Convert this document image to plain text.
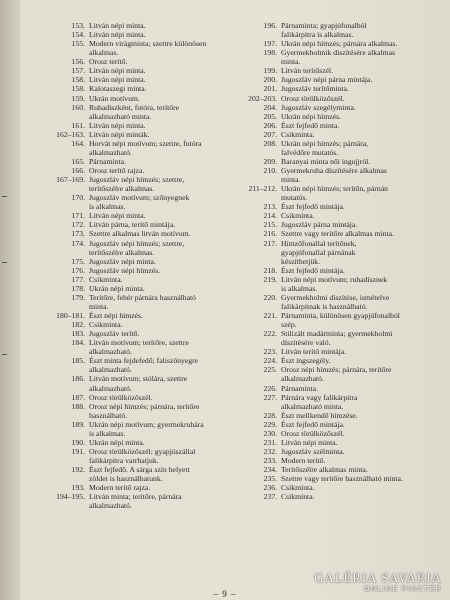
153. Litván népi minta.
154. Litván népi minta.
155. Modern virágminta; szettre különösen
alkalmas.
156. Orosz terítő.
157. Litván népi minta.
158. Litván népi minta.
158. Kalotaszegi minta.
159. Ukrán motívum.
160. Ruhadíszként, futóra, terítőre
alkalmazható minta.
161. Litván népi minta.
162–163. Litván népi minták.
164. Horvát népi motívum; szettre, futóra
alkalmazható.
165. Párnaminta.
166. Orosz terítő rajza.
167–169. Jugoszláv népi hímzés; szettre,
terítőszélre alkalmas.
170. Jugoszláv motívum; szőnyegnek
is alkalmas.
171. Litván népi minta.
172. Litván párna, terítő mintája.
173. Szettre alkalmas litván motívum.
174. Jugoszláv népi hímzés; szettre,
terítőszélre alkalmas.
175. Jugoszláv népi minta.
176. Jugoszláv népi hímzés.
177. Csikminta.
178. Ukrán népi minta.
179. Terítőre, fehér párnára használható
minta.
180–181. Észt népi hímzés.
182. Csikminta.
183. Jugoszláv terítő.
184. Litván motívum; terítőre, szettre
alkalmazható.
185. Észt minta fejdefedő; faliszőnyegre
alkalmazható.
186. Litván motívum; stólára, szettre
alkalmazható.
187. Orosz törülközőszél.
188. Orosz népi hímzés; párnára, terítőre
használható.
189. Ukrán népi motívum; gyermekruhára
is alkalmas.
190. Ukrán népi minta.
191. Orosz törülközőszél; gyapjúszállal
falikárpitra varrhatjuk.
192. Észt fejfedő. A sárga szín helyett
zöldet is használhatunk.
193. Modern terítő rajza.
194–195. Litván minta; terítőre, párnára
alkalmazható.
196. Párnaminta; gyapjúfonalból
falikárpitra is alkalmas.
197. Ukrán népi hímzés; párnára alkalmas.
198. Gyermekholmik díszítésére alkalmas
minta.
199. Litván terítőszél.
200. Jugoszláv népi párna mintája.
201. Jugoszláv terítőminta.
202–203. Orosz törülközőszél.
204. Jugoszláv szegélyminta.
205. Ukrán népi hímzés.
206. Észt fejfedő minta.
207. Csikminta.
208. Ukrán népi hímzés; párnára,
falvédőre mutatós.
209. Baranyai minta női ingujjról.
210. Gyermekruha díszítésére alkalmas
minta.
211–212. Ukrán népi hímzés; terítőn, párnán
mutatós.
213. Észt fejfedő mintája.
214. Csikminta.
215. Jugoszláv párna mintája.
216. Szettre vagy terítőre alkalmas minta.
217. Hímzőfonallal terítőnek,
gyapjúfonallal párnának
készíthetjük.
218. Észt fejfedő mintája.
219. Litván népi motívum; ruhadísznek
is alkalmas.
220. Gyermekholmi díszítése, ismételve
falikárpitnak is használható.
221. Párnaminta, különösen gyapjúfonalból
szép.
222. Stilizált madárminta; gyermekholmi
díszítésére való.
223. Litván terítő mintája.
224. Észt ingszegély.
225. Orosz népi hímzés; párnára, terítőre
alkalmazható.
226. Párnaminta.
227. Párnára vagy falikárpitra
alkalmazható minta.
228. Észt mellkendő hímzése.
229. Észt fejfedő mintája.
230. Orosz törülközőszél.
231. Litván népi minta.
232. Jugoszláv szélminta.
233. Modern terítő.
234. Terítőszélre alkalmas minta.
235. Szettre vagy terítőre használható minta.
236. Csikminta.
237. Csikminta.
– 9 –
GALÉRIA SAVARIA
ONLINE PIACTÉR
